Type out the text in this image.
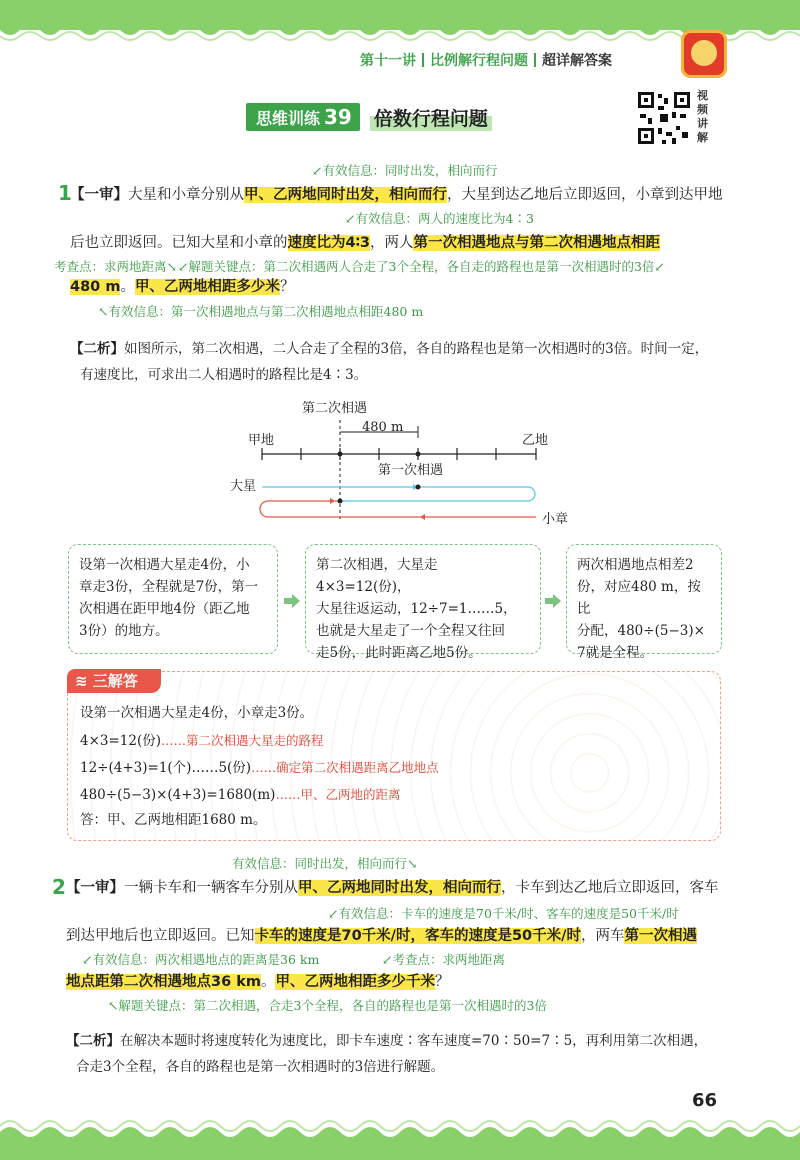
第十一讲 比例解行程问题 超详解答案
思维训练 39	倍数行程问题
视频讲解
↙有效信息：同时出发，相向而行
1
【一审】大星和小章分别从甲、乙两地同时出发，相向而行，大星到达乙地后立即返回，小章到达甲地
↙有效信息：两人的速度比为4∶3
后也立即返回。已知大星和小章的速度比为4∶3，两人第一次相遇地点与第二次相遇地点相距
考查点：求两地距离↘ ↙解题关键点：第二次相遇两人合走了3个全程，各自走的路程也是第一次相遇时的3倍↙
480 m。甲、乙两地相距多少米？
↖有效信息：第一次相遇地点与第二次相遇地点相距480 m
【二析】如图所示，第二次相遇，二人合走了全程的3倍，各自的路程也是第一次相遇时的3倍。时间一定，
有速度比，可求出二人相遇时的路程比是4∶3。
第二次相遇
480 m
甲地	乙地
第一次相遇
大星
小章
设第一次相遇大星走4份，小
章走3份，全程就是7份，第一
次相遇在距甲地4份（距乙地
3份）的地方。
第二次相遇，大星走4×3=12(份)，
大星往返运动，12÷7=1……5，
也就是大星走了一个全程又往回
走5份，此时距离乙地5份。
两次相遇地点相差2
份，对应480 m，按比
分配，480÷(5−3)×
7就是全程。
≋ 三解答
设第一次相遇大星走4份，小章走3份。
4×3=12(份)……第二次相遇大星走的路程
12÷(4+3)=1(个)……5(份)……确定第二次相遇距离乙地地点
480÷(5−3)×(4+3)=1680(m)……甲、乙两地的距离
答：甲、乙两地相距1680 m。
有效信息：同时出发，相向而行↘
2 【一审】一辆卡车和一辆客车分别从甲、乙两地同时出发，相向而行，卡车到达乙地后立即返回，客车
↙有效信息：卡车的速度是70千米/时、客车的速度是50千米/时
到达甲地后也立即返回。已知卡车的速度是70千米/时，客车的速度是50千米/时，两车第一次相遇
↙有效信息：两次相遇地点的距离是36 km	↙考查点：求两地距离
地点距第二次相遇地点36 km。甲、乙两地相距多少千米？
↖解题关键点：第二次相遇，合走3个全程，各自的路程也是第一次相遇时的3倍
【二析】在解决本题时将速度转化为速度比，即卡车速度∶客车速度=70∶50=7∶5，再利用第二次相遇，
合走3个全程，各自的路程也是第一次相遇时的3倍进行解题。
66
